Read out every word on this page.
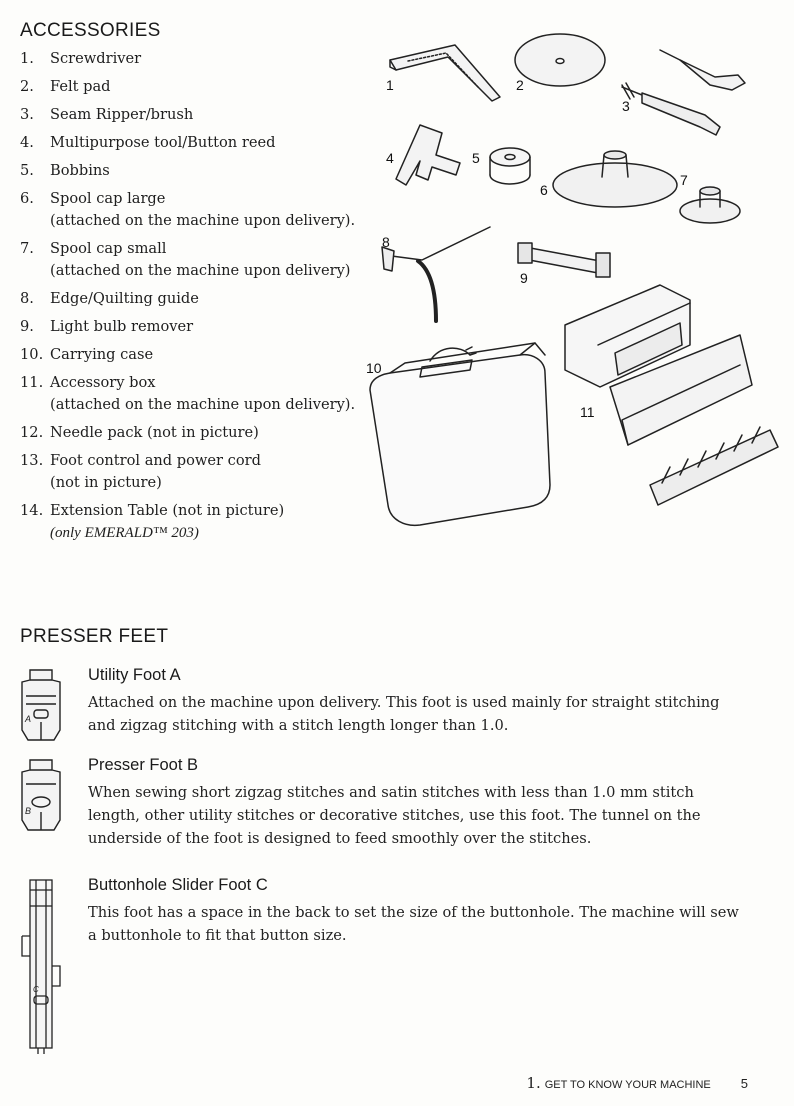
ACCESSORIES
1.	Screwdriver
2.	Felt pad
3.	Seam Ripper/brush
4.	Multipurpose tool/Button reed
5.	Bobbins
6.	Spool cap large
(attached on the machine upon delivery).
7.	Spool cap small
(attached on the machine upon delivery)
8.	Edge/Quilting guide
9.	Light bulb remover
10. Carrying case
11. Accessory box
(attached on the machine upon delivery).
12. Needle pack (not in picture)
13. Foot control and power cord
(not in picture)
14. Extension Table (not in picture)
(only EMERALD™ 203)
1	2
3
4	5
6
7
8
9
10
11
PRESSER FEET
A
Utility Foot A
Attached on the machine upon delivery. This foot is used mainly for straight stitching and zigzag stitching with a stitch length longer than 1.0.
B
Presser Foot B
When sewing short zigzag stitches and satin stitches with less than 1.0 mm stitch length, other utility stitches or decorative stitches, use this foot. The tunnel on the underside of the foot is designed to feed smoothly over the stitches.
C
Buttonhole Slider Foot C
This foot has a space in the back to set the size of the buttonhole. The machine will sew a buttonhole to fit that button size.
1. GET TO KNOW YOUR MACHINE 5
